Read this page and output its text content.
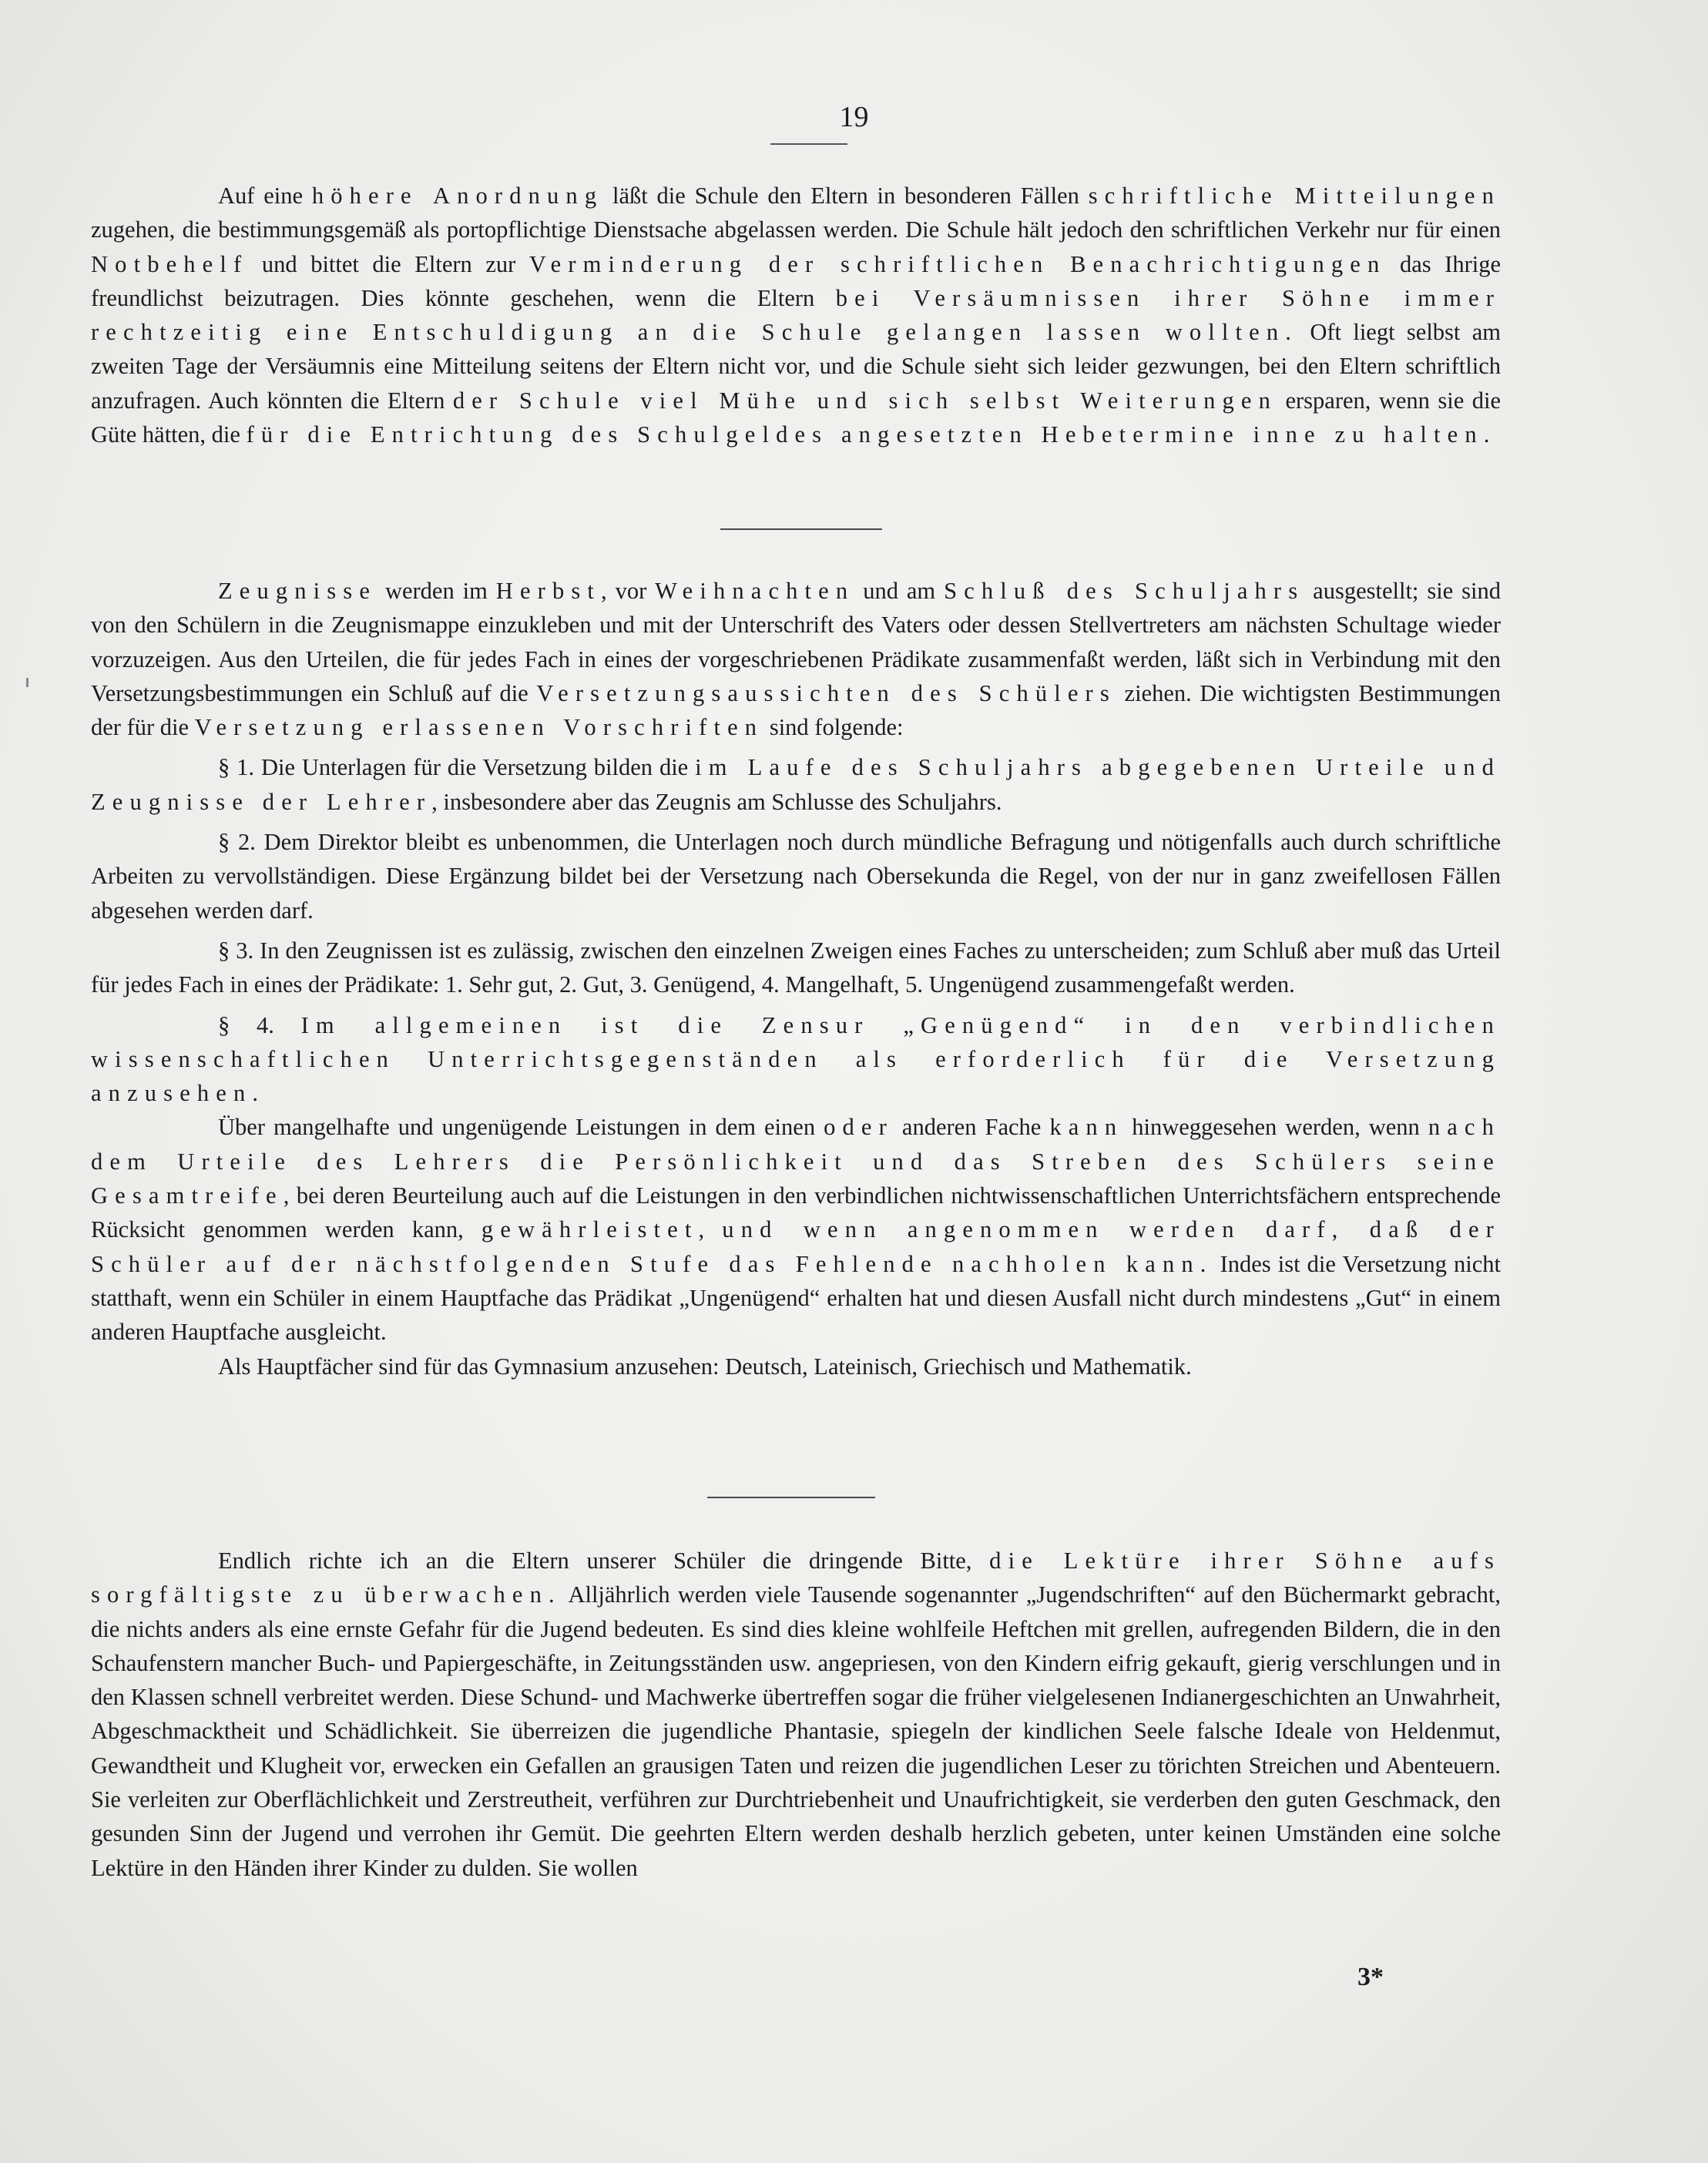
19

Auf eine höhere Anordnung läßt die Schule den Eltern in besonderen Fällen schriftliche Mitteilungen zugehen, die bestimmungsgemäß als portopflichtige Dienstsache abgelassen werden. Die Schule hält jedoch den schriftlichen Verkehr nur für einen Notbehelf und bittet die Eltern zur Verminderung der schriftlichen Benachrichtigungen das Ihrige freundlichst beizutragen. Dies könnte geschehen, wenn die Eltern bei Versäumnissen ihrer Söhne immer rechtzeitig eine Entschuldigung an die Schule gelangen lassen wollten. Oft liegt selbst am zweiten Tage der Versäumnis eine Mitteilung seitens der Eltern nicht vor, und die Schule sieht sich leider gezwungen, bei den Eltern schriftlich anzufragen. Auch könnten die Eltern der Schule viel Mühe und sich selbst Weiterungen ersparen, wenn sie die Güte hätten, die für die Entrichtung des Schulgeldes angesetzten Hebetermine inne zu halten.

Zeugnisse werden im Herbst, vor Weihnachten und am Schluß des Schuljahrs ausgestellt; sie sind von den Schülern in die Zeugnismappe einzukleben und mit der Unterschrift des Vaters oder dessen Stellvertreters am nächsten Schultage wieder vorzuzeigen. Aus den Urteilen, die für jedes Fach in eines der vorgeschriebenen Prädikate zusammenfaßt werden, läßt sich in Verbindung mit den Versetzungsbestimmungen ein Schluß auf die Versetzungsaussichten des Schülers ziehen. Die wichtigsten Bestimmungen der für die Versetzung erlassenen Vorschriften sind folgende:

§ 1. Die Unterlagen für die Versetzung bilden die im Laufe des Schuljahrs abgegebenen Urteile und Zeugnisse der Lehrer, insbesondere aber das Zeugnis am Schlusse des Schuljahrs.

§ 2. Dem Direktor bleibt es unbenommen, die Unterlagen noch durch mündliche Befragung und nötigenfalls auch durch schriftliche Arbeiten zu vervollständigen. Diese Ergänzung bildet bei der Versetzung nach Obersekunda die Regel, von der nur in ganz zweifellosen Fällen abgesehen werden darf.

§ 3. In den Zeugnissen ist es zulässig, zwischen den einzelnen Zweigen eines Faches zu unterscheiden; zum Schluß aber muß das Urteil für jedes Fach in eines der Prädikate: 1. Sehr gut, 2. Gut, 3. Genügend, 4. Mangelhaft, 5. Ungenügend zusammengefaßt werden.

§ 4. Im allgemeinen ist die Zensur „Genügend“ in den verbindlichen wissenschaftlichen Unterrichtsgegenständen als erforderlich für die Versetzung anzusehen.

Über mangelhafte und ungenügende Leistungen in dem einen oder anderen Fache kann hinweggesehen werden, wenn nach dem Urteile des Lehrers die Persönlichkeit und das Streben des Schülers seine Gesamtreife, bei deren Beurteilung auch auf die Leistungen in den verbindlichen nichtwissenschaftlichen Unterrichtsfächern entsprechende Rücksicht genommen werden kann, gewährleistet, und wenn angenommen werden darf, daß der Schüler auf der nächstfolgenden Stufe das Fehlende nachholen kann. Indes ist die Versetzung nicht statthaft, wenn ein Schüler in einem Hauptfache das Prädikat „Ungenügend“ erhalten hat und diesen Ausfall nicht durch mindestens „Gut“ in einem anderen Hauptfache ausgleicht.

Als Hauptfächer sind für das Gymnasium anzusehen: Deutsch, Lateinisch, Griechisch und Mathematik.

Endlich richte ich an die Eltern unserer Schüler die dringende Bitte, die Lektüre ihrer Söhne aufs sorgfältigste zu überwachen. Alljährlich werden viele Tausende sogenannter „Jugendschriften“ auf den Büchermarkt gebracht, die nichts anders als eine ernste Gefahr für die Jugend bedeuten. Es sind dies kleine wohlfeile Heftchen mit grellen, aufregenden Bildern, die in den Schaufenstern mancher Buch- und Papiergeschäfte, in Zeitungsständen usw. angepriesen, von den Kindern eifrig gekauft, gierig verschlungen und in den Klassen schnell verbreitet werden. Diese Schund- und Machwerke übertreffen sogar die früher vielgelesenen Indianergeschichten an Unwahrheit, Abgeschmacktheit und Schädlichkeit. Sie überreizen die jugendliche Phantasie, spiegeln der kindlichen Seele falsche Ideale von Heldenmut, Gewandtheit und Klugheit vor, erwecken ein Gefallen an grausigen Taten und reizen die jugendlichen Leser zu törichten Streichen und Abenteuern. Sie verleiten zur Oberflächlichkeit und Zerstreutheit, verführen zur Durchtriebenheit und Unaufrichtigkeit, sie verderben den guten Geschmack, den gesunden Sinn der Jugend und verrohen ihr Gemüt. Die geehrten Eltern werden deshalb herzlich gebeten, unter keinen Umständen eine solche Lektüre in den Händen ihrer Kinder zu dulden. Sie wollen

3*
